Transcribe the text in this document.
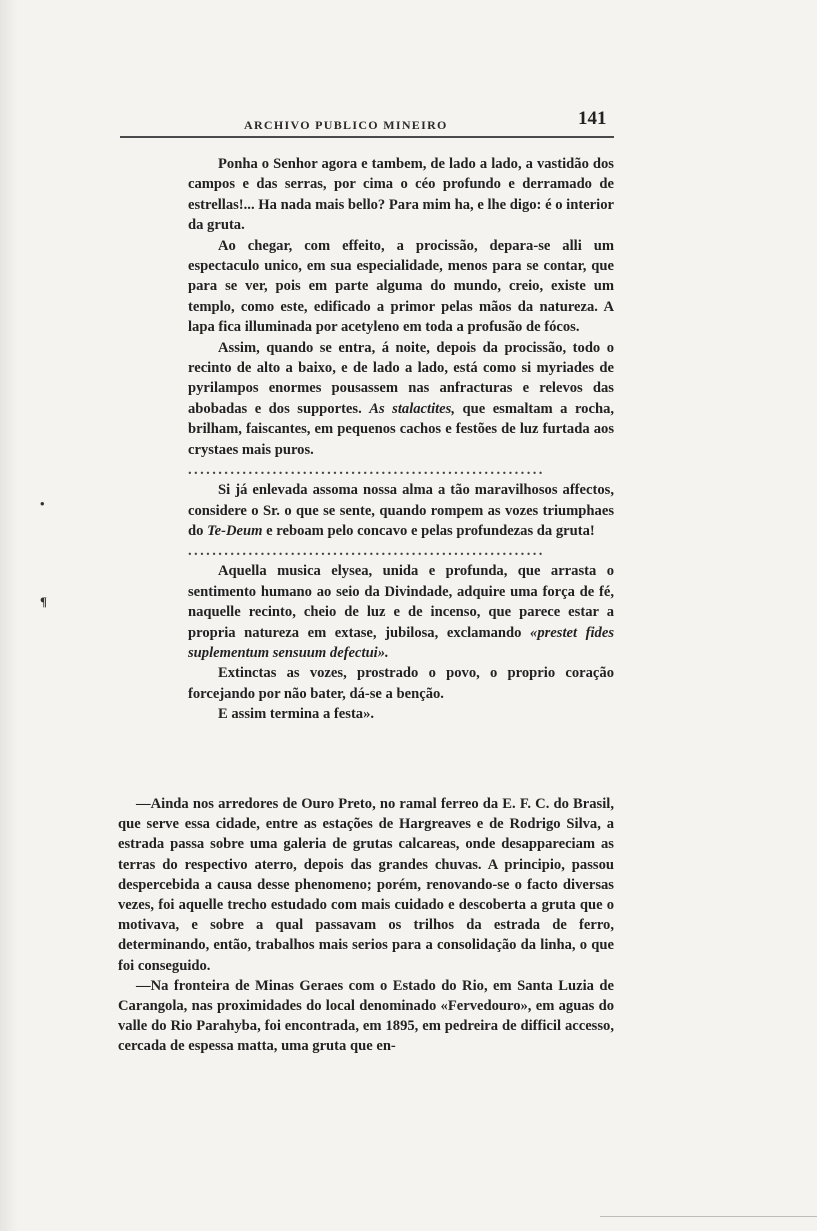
ARCHIVO PUBLICO MINEIRO	141
•
¶

Ponha o Senhor agora e tambem, de lado a lado, a vastidão dos campos e das serras, por cima o céo profundo e derramado de estrellas!... Ha nada mais bello? Para mim ha, e lhe digo: é o interior da gruta.

Ao chegar, com effeito, a procissão, depara-se alli um espectaculo unico, em sua especialidade, menos para se contar, que para se ver, pois em parte alguma do mundo, creio, existe um templo, como este, edificado a primor pelas mãos da natureza. A lapa fica illuminada por acetyleno em toda a profusão de fócos.

Assim, quando se entra, á noite, depois da procissão, todo o recinto de alto a baixo, e de lado a lado, está como si myriades de pyrilampos enormes pousassem nas anfracturas e relevos das abobadas e dos supportes. As stalactites, que esmaltam a rocha, brilham, faiscantes, em pequenos cachos e festões de luz furtada aos crystaes mais puros.

...........................................................

Si já enlevada assoma nossa alma a tão maravilhosos affectos, considere o Sr. o que se sente, quando rompem as vozes triumphaes do Te-Deum e reboam pelo concavo e pelas profundezas da gruta!

...........................................................

Aquella musica elysea, unida e profunda, que arrasta o sentimento humano ao seio da Divindade, adquire uma força de fé, naquelle recinto, cheio de luz e de incenso, que parece estar a propria natureza em extase, jubilosa, exclamando «prestet fides suplementum sensuum defectui».

Extinctas as vozes, prostrado o povo, o proprio coração forcejando por não bater, dá-se a benção.

E assim termina a festa».

—Ainda nos arredores de Ouro Preto, no ramal ferreo da E. F. C. do Brasil, que serve essa cidade, entre as estações de Hargreaves e de Rodrigo Silva, a estrada passa sobre uma galeria de grutas calcareas, onde desappareciam as terras do respectivo aterro, depois das grandes chuvas. A principio, passou despercebida a causa desse phenomeno; porém, renovando-se o facto diversas vezes, foi aquelle trecho estudado com mais cuidado e descoberta a gruta que o motivava, e sobre a qual passavam os trilhos da estrada de ferro, determinando, então, trabalhos mais serios para a consolidação da linha, o que foi conseguido.

—Na fronteira de Minas Geraes com o Estado do Rio, em Santa Luzia de Carangola, nas proximidades do local denominado «Fervedouro», em aguas do valle do Rio Parahyba, foi encontrada, em 1895, em pedreira de difficil accesso, cercada de espessa matta, uma gruta que en-
